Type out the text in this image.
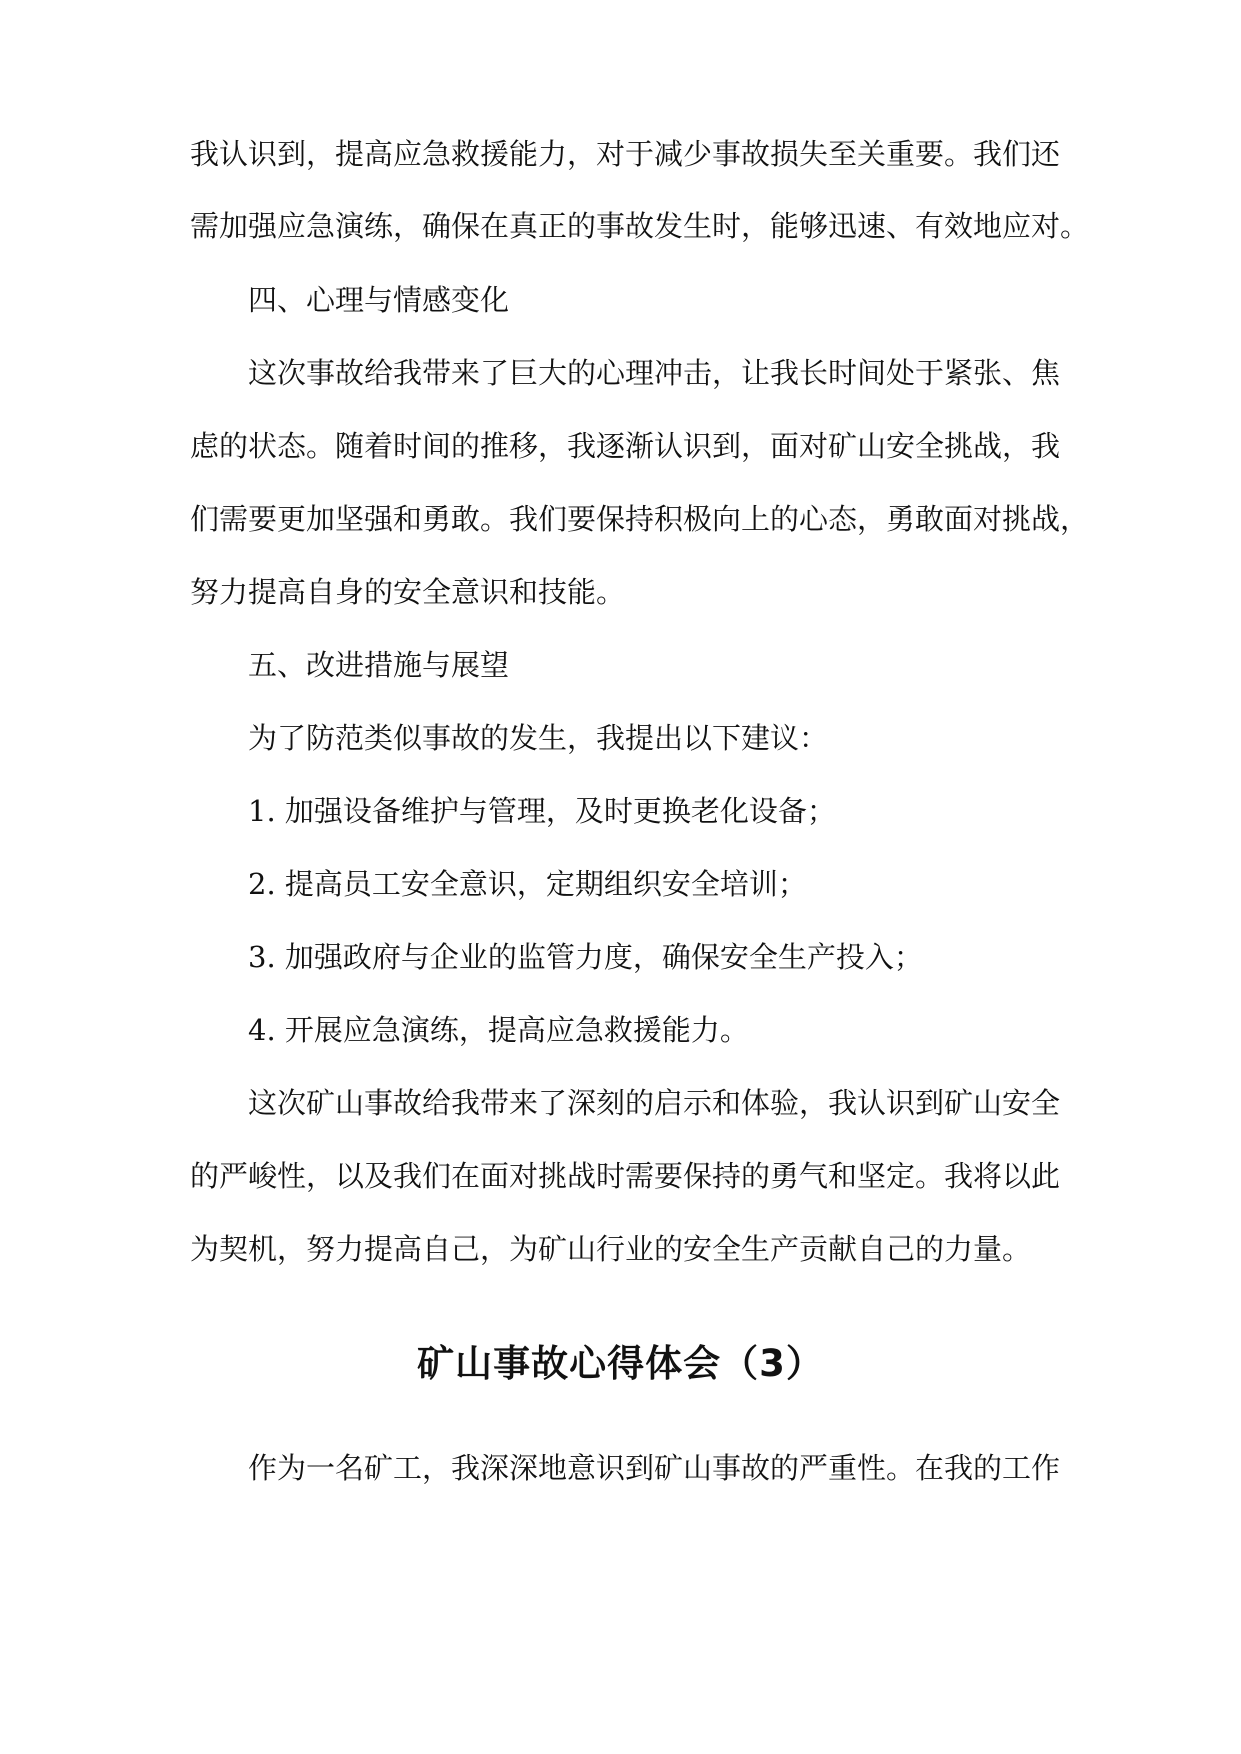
我认识到，提高应急救援能力，对于减少事故损失至关重要。我们还
需加强应急演练，确保在真正的事故发生时，能够迅速、有效地应对。
四、心理与情感变化
这次事故给我带来了巨大的心理冲击，让我长时间处于紧张、焦
虑的状态。随着时间的推移，我逐渐认识到，面对矿山安全挑战，我
们需要更加坚强和勇敢。我们要保持积极向上的心态，勇敢面对挑战，
努力提高自身的安全意识和技能。
五、改进措施与展望
为了防范类似事故的发生，我提出以下建议：
1. 加强设备维护与管理，及时更换老化设备；
2. 提高员工安全意识，定期组织安全培训；
3. 加强政府与企业的监管力度，确保安全生产投入；
4. 开展应急演练，提高应急救援能力。
这次矿山事故给我带来了深刻的启示和体验，我认识到矿山安全
的严峻性，以及我们在面对挑战时需要保持的勇气和坚定。我将以此
为契机，努力提高自己，为矿山行业的安全生产贡献自己的力量。
矿山事故心得体会（3）
作为一名矿工，我深深地意识到矿山事故的严重性。在我的工作
